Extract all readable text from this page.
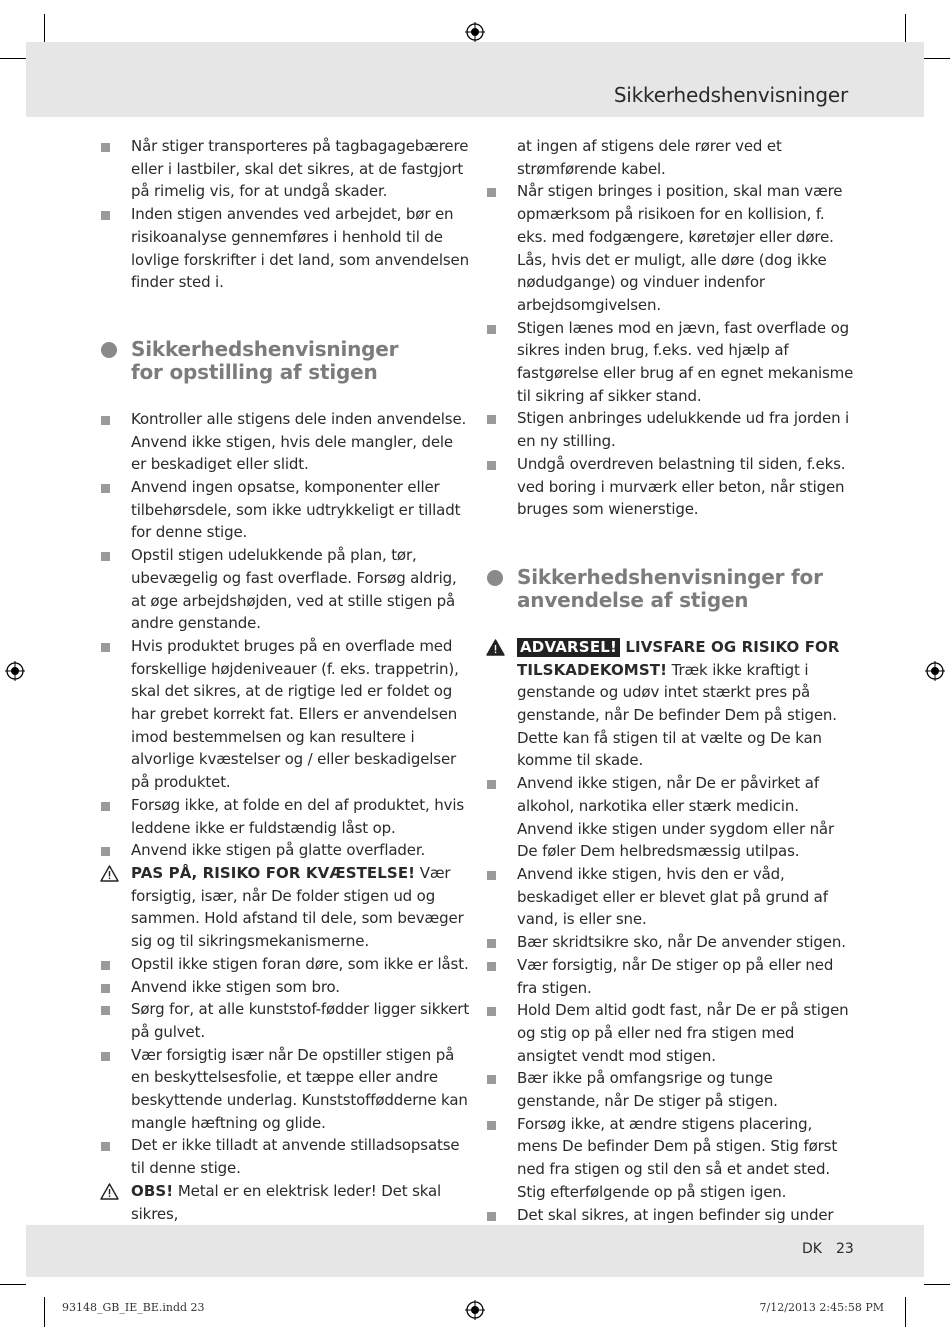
Sikkerhedshenvisninger
Når stiger transporteres på tagbagagebærere eller i lastbiler, skal det sikres, at de fastgjort på rimelig vis, for at undgå skader.
Inden stigen anvendes ved arbejdet, bør en risikoanalyse gennemføres i henhold til de lovlige forskrifter i det land, som anvendelsen finder sted i.
Sikkerhedshenvisninger
for opstilling af stigen
Kontroller alle stigens dele inden anvendelse. Anvend ikke stigen, hvis dele mangler, dele er beskadiget eller slidt.
Anvend ingen opsatse, komponenter eller tilbehørsdele, som ikke udtrykkeligt er tilladt for denne stige.
Opstil stigen udelukkende på plan, tør, ubevægelig og fast overflade. Forsøg aldrig, at øge arbejdshøjden, ved at stille stigen på andre genstande.
Hvis produktet bruges på en overflade med forskellige højdeniveauer (f. eks. trappetrin), skal det sikres, at de rigtige led er foldet og har grebet korrekt fat. Ellers er anvendelsen imod bestemmelsen og kan resultere i alvorlige kvæstelser og / eller beskadigelser på produktet.
Forsøg ikke, at folde en del af produktet, hvis leddene ikke er fuldstændig låst op.
Anvend ikke stigen på glatte overflader.
PAS PÅ, RISIKO FOR KVÆSTELSE! Vær forsigtig, især, når De folder stigen ud og sammen. Hold afstand til dele, som bevæger sig og til sikringsmekanismerne.
Opstil ikke stigen foran døre, som ikke er låst.
Anvend ikke stigen som bro.
Sørg for, at alle kunststof-fødder ligger sikkert på gulvet.
Vær forsigtig især når De opstiller stigen på en beskyttelsesfolie, et tæppe eller andre beskyttende underlag. Kunststoffødderne kan mangle hæftning og glide.
Det er ikke tilladt at anvende stilladsopsatse til denne stige.
OBS! Metal er en elektrisk leder! Det skal sikres,
at ingen af stigens dele rører ved et strømførende kabel.
Når stigen bringes i position, skal man være opmærksom på risikoen for en kollision, f. eks. med fodgængere, køretøjer eller døre. Lås, hvis det er muligt, alle døre (dog ikke nødudgange) og vinduer indenfor arbejdsomgivelsen.
Stigen lænes mod en jævn, fast overflade og sikres inden brug, f.eks. ved hjælp af fastgørelse eller brug af en egnet mekanisme til sikring af sikker stand.
Stigen anbringes udelukkende ud fra jorden i en ny stilling.
Undgå overdreven belastning til siden, f.eks. ved boring i murværk eller beton, når stigen bruges som wienerstige.
Sikkerhedshenvisninger for
anvendelse af stigen
ADVARSEL! LIVSFARE OG RISIKO FOR TILSKADEKOMST! Træk ikke kraftigt i genstande og udøv intet stærkt pres på genstande, når De befinder Dem på stigen. Dette kan få stigen til at vælte og De kan komme til skade.
Anvend ikke stigen, når De er påvirket af alkohol, narkotika eller stærk medicin. Anvend ikke stigen under sygdom eller når De føler Dem helbredsmæssig utilpas.
Anvend ikke stigen, hvis den er våd, beskadiget eller er blevet glat på grund af vand, is eller sne.
Bær skridtsikre sko, når De anvender stigen.
Vær forsigtig, når De stiger op på eller ned fra stigen.
Hold Dem altid godt fast, når De er på stigen og stig op på eller ned fra stigen med ansigtet vendt mod stigen.
Bær ikke på omfangsrige og tunge genstande, når De stiger på stigen.
Forsøg ikke, at ændre stigens placering, mens De befinder Dem på stigen. Stig først ned fra stigen og stil den så et andet sted. Stig efterfølgende op på stigen igen.
Det skal sikres, at ingen befinder sig under
DK 23
93148_GB_IE_BE.indd 23	7/12/2013 2:45:58 PM
